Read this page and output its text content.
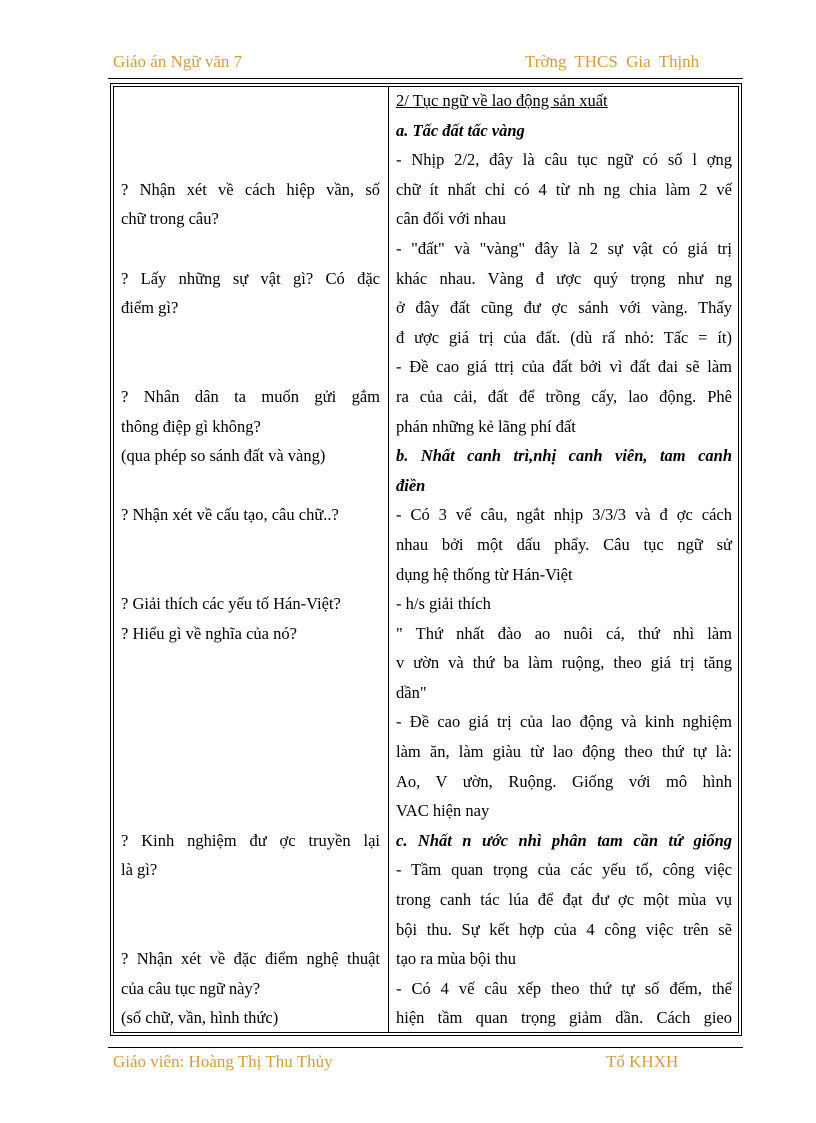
Giáo án Ngữ văn 7	Trờng THCS Gia Thịnh
? Nhận xét về cách hiệp vần, số
chữ trong câu?
? Lấy những sự vật gì? Có đặc
điểm gì?
? Nhân dân ta muốn gửi gắm
thông điệp gì không?
(qua phép so sánh đất và vàng)
? Nhận xét về cấu tạo, câu chữ..?
? Giải thích các yếu tố Hán-Việt?
? Hiểu gì về nghĩa của nó?
? Kinh nghiệm đư ợc truyền lại
là gì?
? Nhận xét về đặc điểm nghệ thuật
của câu tục ngữ này?
(số chữ, vần, hình thức)
2/ Tục ngữ về lao động sản xuất
a. Tấc đất tấc vàng
- Nhịp 2/2, đây là câu tục ngữ có số l ợng
chữ ít nhất chỉ có 4 từ nh ng chia làm 2 vế
cân đối với nhau
- "đất" và "vàng" đây là 2 sự vật có giá trị
khác nhau. Vàng đ ược quý trọng như ng
ở đây đất cũng đư ợc sánh với vàng. Thấy
đ ược giá trị của đất. (dù rấ nhỏ: Tấc = ít)
- Đề cao giá ttrị của đất bởi vì đất đai sẽ làm
ra của cải, đất để trồng cấy, lao động. Phê
phán những kẻ lãng phí đất
b. Nhất canh trì,nhị canh viên, tam canh
điền
- Có 3 vế câu, ngắt nhịp 3/3/3 và đ ợc cách
nhau bởi một dấu phẩy. Câu tục ngữ sử
dụng hệ thống từ Hán-Việt
- h/s giải thích
" Thứ nhất đào ao nuôi cá, thứ nhì làm
v ườn và thứ ba làm ruộng, theo giá trị tăng
dần"
- Đề cao giá trị của lao động và kinh nghiệm
làm ăn, làm giàu từ lao động theo thứ tự là:
Ao, V ườn, Ruộng. Giống với mô hình
VAC hiện nay
c. Nhất n ước nhì phân tam cần tứ giống
- Tầm quan trọng của các yếu tố, công việc
trong canh tác lúa để đạt đư ợc một mùa vụ
bội thu. Sự kết hợp của 4 công việc trên sẽ
tạo ra mùa bội thu
- Có 4 vế câu xếp theo thứ tự số đếm, thể
hiện tầm quan trọng giảm dần. Cách gieo
Giáo viên: Hoàng Thị Thu Thủy	Tổ KHXH
